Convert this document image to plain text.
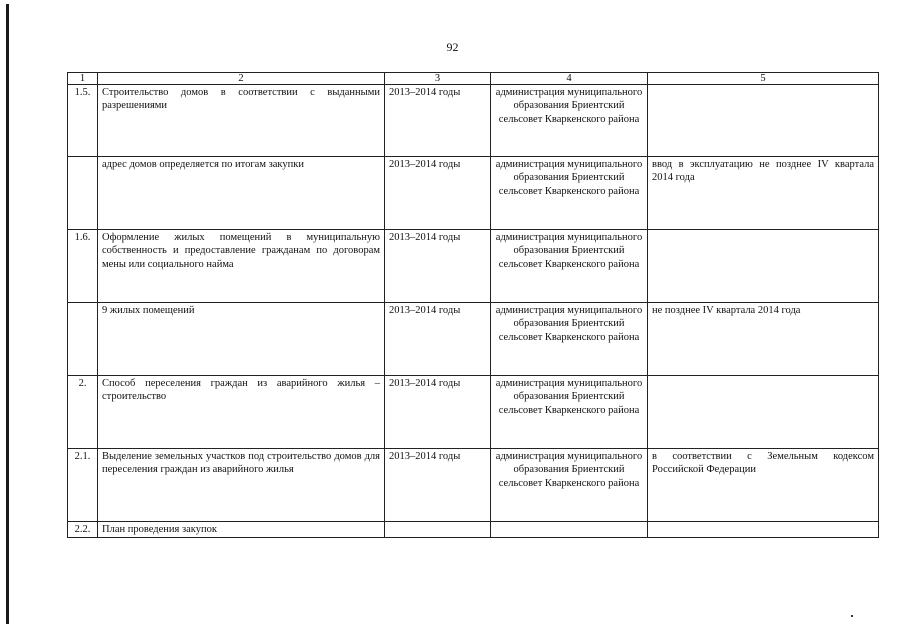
92
1	2	3	4	5
1.5.	Строительство домов в соответствии с выданными разрешениями	2013–2014 годы	администрация муниципального образования Бриентский сельсовет Кваркенского района	
	адрес домов определяется по итогам закупки	2013–2014 годы	администрация муниципального образования Бриентский сельсовет Кваркенского района	ввод в эксплуатацию не позднее IV квартала 2014 года
1.6.	Оформление жилых помещений в муниципальную собственность и предоставление гражданам по договорам мены или социального найма	2013–2014 годы	администрация муниципального образования Бриентский сельсовет Кваркенского района	
	9 жилых помещений	2013–2014 годы	администрация муниципального образования Бриентский сельсовет Кваркенского района	не позднее IV квартала 2014 года
2.	Способ переселения граждан из аварийного жилья – строительство	2013–2014 годы	администрация муниципального образования Бриентский сельсовет Кваркенского района	
2.1.	Выделение земельных участков под строительство домов для переселения граждан из аварийного жилья	2013–2014 годы	администрация муниципального образования Бриентский сельсовет Кваркенского района	в соответствии с Земельным кодексом Российской Федерации
2.2.	План проведения закупок			
